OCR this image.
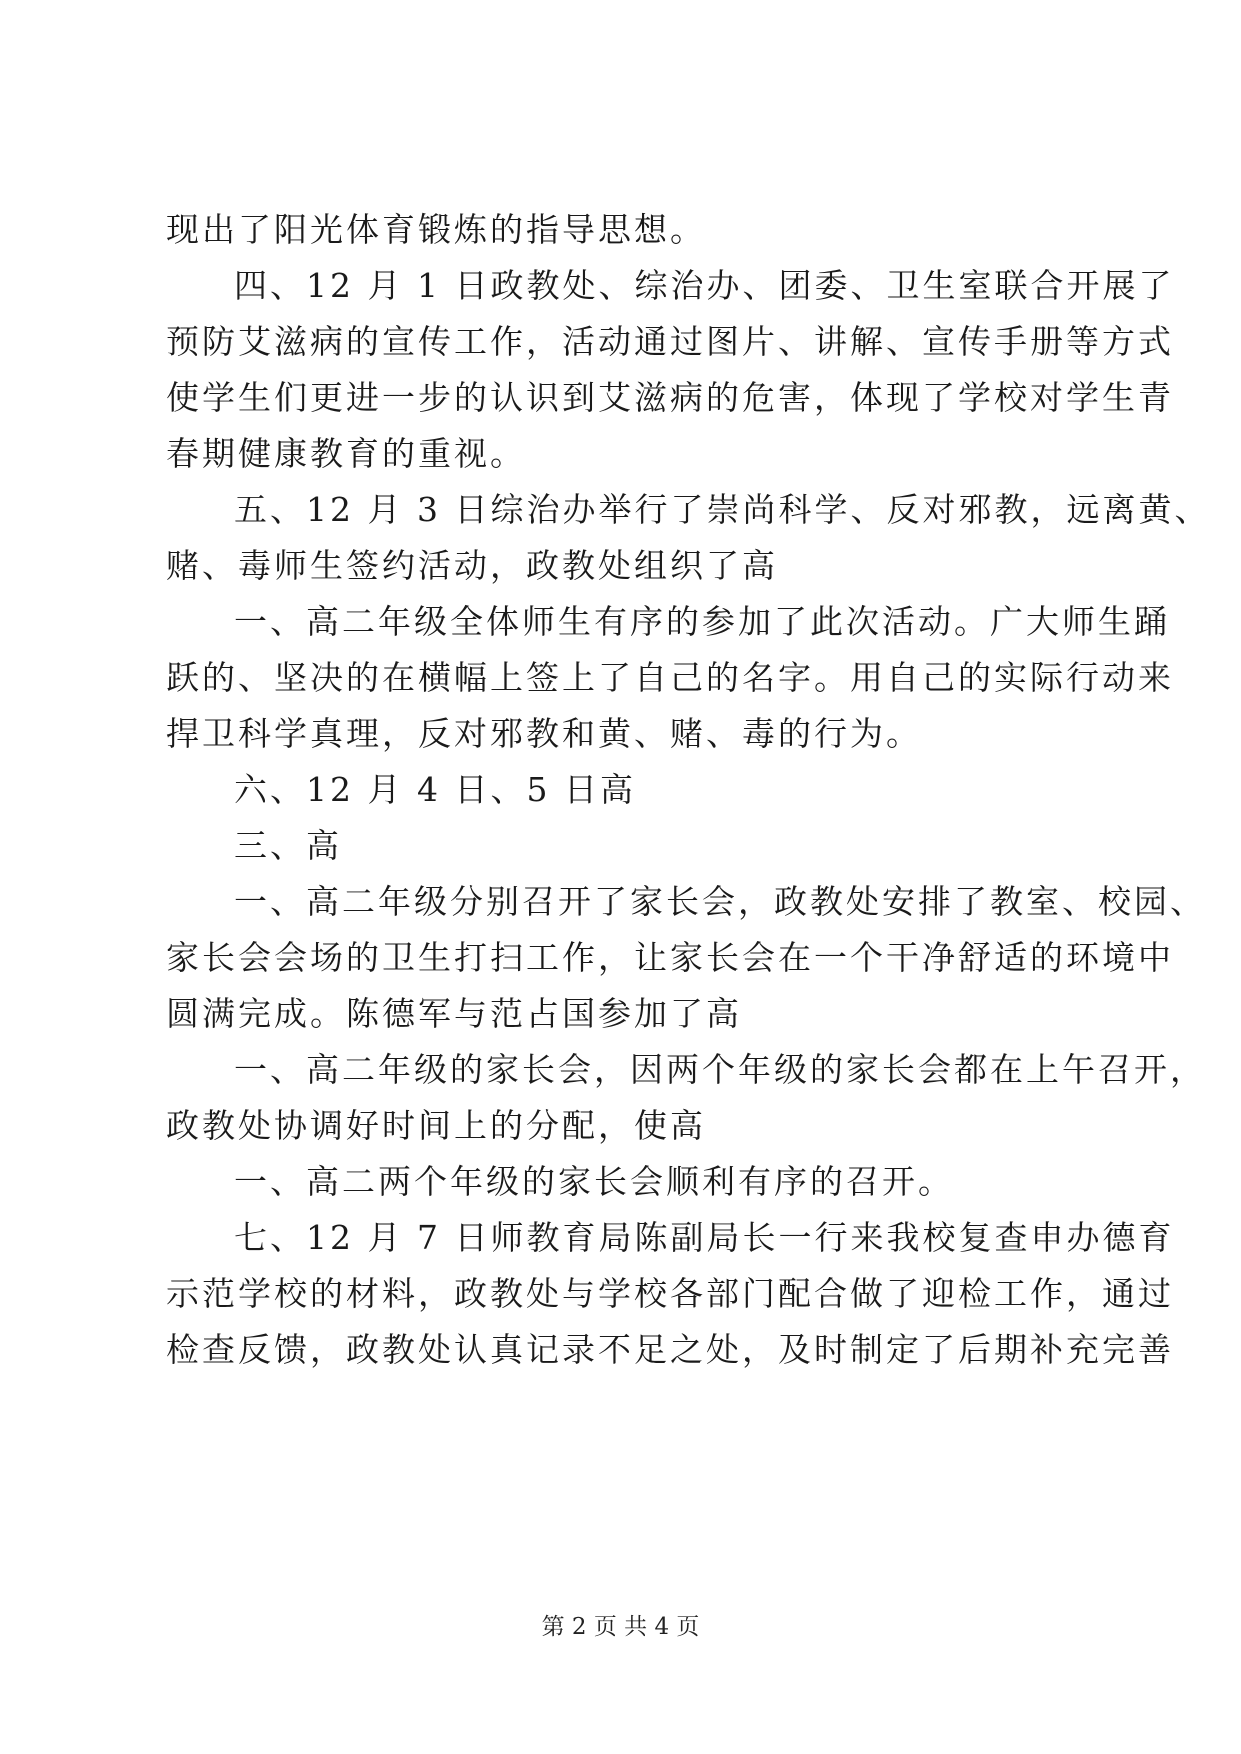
现出了阳光体育锻炼的指导思想。
四、12 月 1 日政教处、综治办、团委、卫生室联合开展了
预防艾滋病的宣传工作，活动通过图片、讲解、宣传手册等方式
使学生们更进一步的认识到艾滋病的危害，体现了学校对学生青
春期健康教育的重视。
五、12 月 3 日综治办举行了崇尚科学、反对邪教，远离黄、
赌、毒师生签约活动，政教处组织了高
一、高二年级全体师生有序的参加了此次活动。广大师生踊
跃的、坚决的在横幅上签上了自己的名字。用自己的实际行动来
捍卫科学真理，反对邪教和黄、赌、毒的行为。
六、12 月 4 日、5 日高
三、高
一、高二年级分别召开了家长会，政教处安排了教室、校园、
家长会会场的卫生打扫工作，让家长会在一个干净舒适的环境中
圆满完成。陈德军与范占国参加了高
一、高二年级的家长会，因两个年级的家长会都在上午召开，
政教处协调好时间上的分配，使高
一、高二两个年级的家长会顺利有序的召开。
七、12 月 7 日师教育局陈副局长一行来我校复查申办德育
示范学校的材料，政教处与学校各部门配合做了迎检工作，通过
检查反馈，政教处认真记录不足之处，及时制定了后期补充完善
第 2 页 共 4 页
